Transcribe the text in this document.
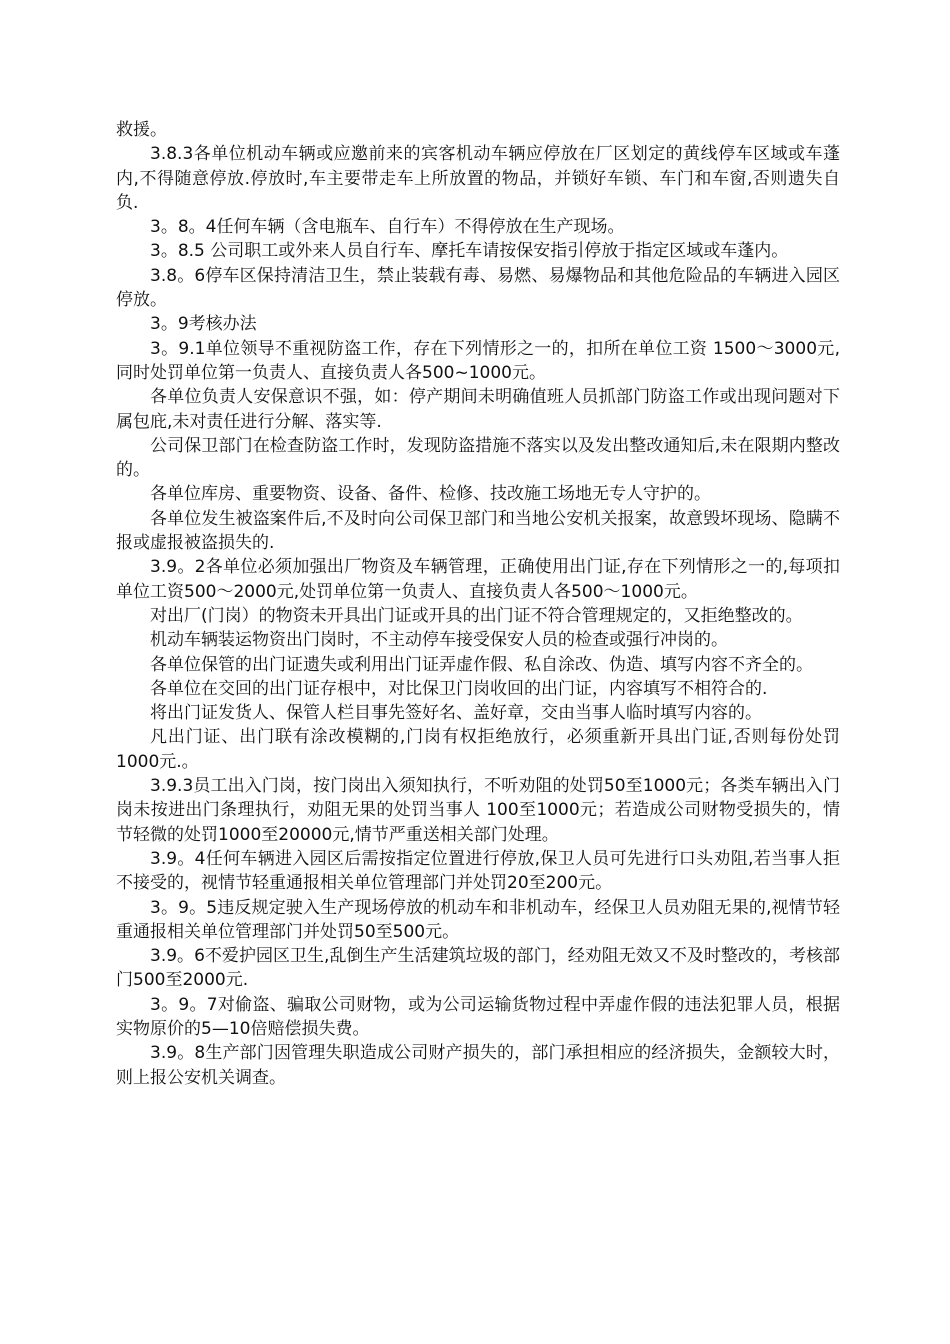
救援。

3.8.3各单位机动车辆或应邀前来的宾客机动车辆应停放在厂区划定的黄线停车区域或车蓬内,不得随意停放.停放时,车主要带走车上所放置的物品，并锁好车锁、车门和车窗,否则遗失自负.

3。8。4任何车辆（含电瓶车、自行车）不得停放在生产现场。

3。8.5 公司职工或外来人员自行车、摩托车请按保安指引停放于指定区域或车蓬内。

3.8。6停车区保持清洁卫生，禁止装载有毒、易燃、易爆物品和其他危险品的车辆进入园区停放。

3。9考核办法

3。9.1单位领导不重视防盗工作，存在下列情形之一的，扣所在单位工资 1500～3000元,同时处罚单位第一负责人、直接负责人各500~1000元。

各单位负责人安保意识不强，如：停产期间未明确值班人员抓部门防盗工作或出现问题对下属包庇,未对责任进行分解、落实等.

公司保卫部门在检查防盗工作时，发现防盗措施不落实以及发出整改通知后,未在限期内整改的。

各单位库房、重要物资、设备、备件、检修、技改施工场地无专人守护的。

各单位发生被盗案件后,不及时向公司保卫部门和当地公安机关报案，故意毁坏现场、隐瞒不报或虚报被盗损失的.

3.9。2各单位必须加强出厂物资及车辆管理，正确使用出门证,存在下列情形之一的,每项扣单位工资500～2000元,处罚单位第一负责人、直接负责人各500～1000元。

对出厂(门岗）的物资未开具出门证或开具的出门证不符合管理规定的，又拒绝整改的。

机动车辆装运物资出门岗时，不主动停车接受保安人员的检查或强行冲岗的。

各单位保管的出门证遗失或利用出门证弄虚作假、私自涂改、伪造、填写内容不齐全的。

各单位在交回的出门证存根中，对比保卫门岗收回的出门证，内容填写不相符合的.

将出门证发货人、保管人栏目事先签好名、盖好章，交由当事人临时填写内容的。

凡出门证、出门联有涂改模糊的,门岗有权拒绝放行，必须重新开具出门证,否则每份处罚1000元.。

3.9.3员工出入门岗，按门岗出入须知执行，不听劝阻的处罚50至1000元；各类车辆出入门岗未按进出门条理执行，劝阻无果的处罚当事人 100至1000元；若造成公司财物受损失的，情节轻微的处罚1000至20000元,情节严重送相关部门处理。

3.9。4任何车辆进入园区后需按指定位置进行停放,保卫人员可先进行口头劝阻,若当事人拒不接受的，视情节轻重通报相关单位管理部门并处罚20至200元。

3。9。5违反规定驶入生产现场停放的机动车和非机动车，经保卫人员劝阻无果的,视情节轻重通报相关单位管理部门并处罚50至500元。

3.9。6不爱护园区卫生,乱倒生产生活建筑垃圾的部门，经劝阻无效又不及时整改的，考核部门500至2000元.

3。9。7对偷盗、骗取公司财物，或为公司运输货物过程中弄虚作假的违法犯罪人员，根据实物原价的5—10倍赔偿损失费。

3.9。8生产部门因管理失职造成公司财产损失的，部门承担相应的经济损失，金额较大时，则上报公安机关调查。
